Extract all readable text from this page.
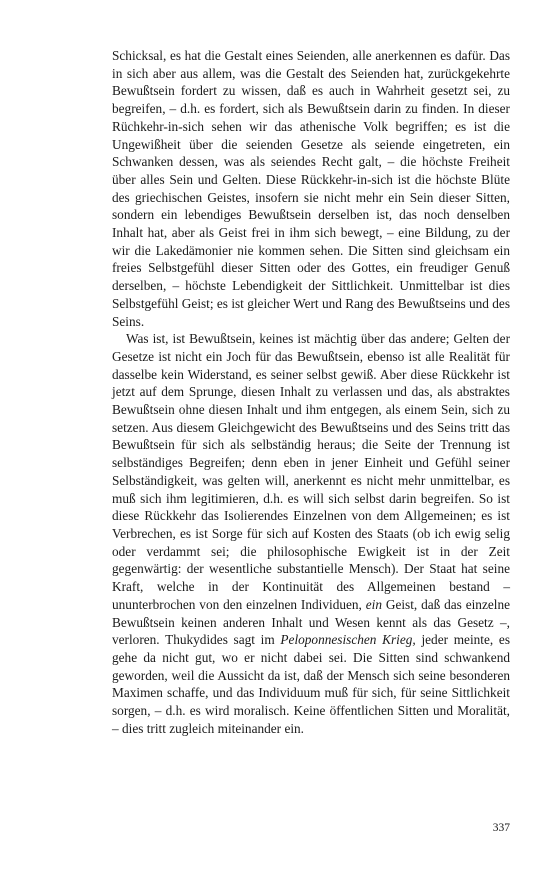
Schicksal, es hat die Gestalt eines Seienden, alle anerkennen es dafür. Das in sich aber aus allem, was die Gestalt des Seienden hat, zurückgekehrte Bewußtsein fordert zu wissen, daß es auch in Wahrheit gesetzt sei, zu begreifen, – d.h. es fordert, sich als Bewußtsein darin zu finden. In dieser Rüchkehr-in-sich sehen wir das athenische Volk begriffen; es ist die Ungewißheit über die seienden Gesetze als seiende eingetreten, ein Schwanken dessen, was als seiendes Recht galt, – die höchste Freiheit über alles Sein und Gelten. Diese Rückkehr-in-sich ist die höchste Blüte des griechischen Geistes, insofern sie nicht mehr ein Sein dieser Sitten, sondern ein lebendiges Bewußtsein derselben ist, das noch denselben Inhalt hat, aber als Geist frei in ihm sich bewegt, – eine Bildung, zu der wir die Lakedämonier nie kommen sehen. Die Sitten sind gleichsam ein freies Selbstgefühl dieser Sitten oder des Gottes, ein freudiger Genuß derselben, – höchste Lebendigkeit der Sittlichkeit. Unmittelbar ist dies Selbstgefühl Geist; es ist gleicher Wert und Rang des Bewußtseins und des Seins.

Was ist, ist Bewußtsein, keines ist mächtig über das andere; Gelten der Gesetze ist nicht ein Joch für das Bewußtsein, ebenso ist alle Realität für dasselbe kein Widerstand, es seiner selbst gewiß. Aber diese Rückkehr ist jetzt auf dem Sprunge, diesen Inhalt zu verlassen und das, als abstraktes Bewußtsein ohne diesen Inhalt und ihm entgegen, als einem Sein, sich zu setzen. Aus diesem Gleichgewicht des Bewußtseins und des Seins tritt das Bewußtsein für sich als selbständig heraus; die Seite der Trennung ist selbständiges Begreifen; denn eben in jener Einheit und Gefühl seiner Selbständigkeit, was gelten will, anerkennt es nicht mehr unmittelbar, es muß sich ihm legitimieren, d.h. es will sich selbst darin begreifen. So ist diese Rückkehr das Isolierendes Einzelnen von dem Allgemeinen; es ist Verbrechen, es ist Sorge für sich auf Kosten des Staats (ob ich ewig selig oder verdammt sei; die philosophische Ewigkeit ist in der Zeit gegenwärtig: der wesentliche substantielle Mensch). Der Staat hat seine Kraft, welche in der Kontinuität des Allgemeinen bestand – ununterbrochen von den einzelnen Individuen, ein Geist, daß das einzelne Bewußtsein keinen anderen Inhalt und Wesen kennt als das Gesetz –, verloren. Thukydides sagt im Peloponnesischen Krieg, jeder meinte, es gehe da nicht gut, wo er nicht dabei sei. Die Sitten sind schwankend geworden, weil die Aussicht da ist, daß der Mensch sich seine besonderen Maximen schaffe, und das Individuum muß für sich, für seine Sittlichkeit sorgen, – d.h. es wird moralisch. Keine öffentlichen Sitten und Moralität, – dies tritt zugleich miteinander ein.

337
